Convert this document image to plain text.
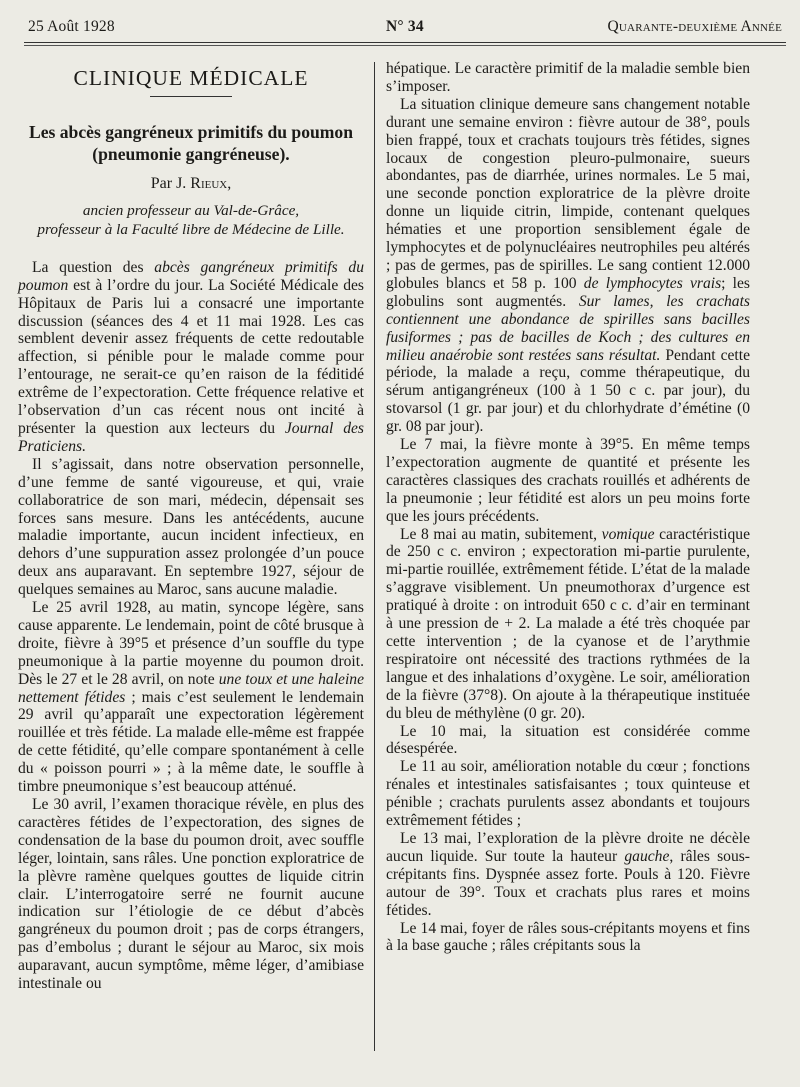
25 Août 1928	N° 34	Quarante-deuxième Année
CLINIQUE MÉDICALE
Les abcès gangréneux primitifs du poumon
(pneumonie gangréneuse).
Par J. Rieux,
ancien professeur au Val-de-Grâce,
professeur à la Faculté libre de Médecine de Lille.

La question des abcès gangréneux primitifs du poumon est à l’ordre du jour. La Société Médicale des Hôpitaux de Paris lui a consacré une importante discussion (séances des 4 et 11 mai 1928. Les cas semblent devenir assez fréquents de cette redoutable affection, si pénible pour le malade comme pour l’entourage, ne serait-ce qu’en raison de la féditidé extrême de l’expectoration. Cette fréquence relative et l’observation d’un cas récent nous ont incité à présenter la question aux lecteurs du Journal des Praticiens.

Il s’agissait, dans notre observation personnelle, d’une femme de santé vigoureuse, et qui, vraie collaboratrice de son mari, médecin, dépensait ses forces sans mesure. Dans les antécédents, aucune maladie importante, aucun incident infectieux, en dehors d’une suppuration assez prolongée d’un pouce deux ans auparavant. En septembre 1927, séjour de quelques semaines au Maroc, sans aucune maladie.

Le 25 avril 1928, au matin, syncope légère, sans cause apparente. Le lendemain, point de côté brusque à droite, fièvre à 39°5 et présence d’un souffle du type pneumonique à la partie moyenne du poumon droit. Dès le 27 et le 28 avril, on note une toux et une haleine nettement fétides ; mais c’est seulement le lendemain 29 avril qu’apparaît une expectoration légèrement rouillée et très fétide. La malade elle-même est frappée de cette fétidité, qu’elle compare spontanément à celle du « poisson pourri » ; à la même date, le souffle à timbre pneumonique s’est beaucoup atténué.

Le 30 avril, l’examen thoracique révèle, en plus des caractères fétides de l’expectoration, des signes de condensation de la base du poumon droit, avec souffle léger, lointain, sans râles. Une ponction exploratrice de la plèvre ramène quelques gouttes de liquide citrin clair. L’interrogatoire serré ne fournit aucune indication sur l’étiologie de ce début d’abcès gangréneux du poumon droit ; pas de corps étrangers, pas d’embolus ; durant le séjour au Maroc, six mois auparavant, aucun symptôme, même léger, d’amibiase intestinale ou

hépatique. Le caractère primitif de la maladie semble bien s’imposer.

La situation clinique demeure sans changement notable durant une semaine environ : fièvre autour de 38°, pouls bien frappé, toux et crachats toujours très fétides, signes locaux de congestion pleuro-pulmonaire, sueurs abondantes, pas de diarrhée, urines normales. Le 5 mai, une seconde ponction exploratrice de la plèvre droite donne un liquide citrin, limpide, contenant quelques hématies et une proportion sensiblement égale de lymphocytes et de polynucléaires neutrophiles peu altérés ; pas de germes, pas de spirilles. Le sang contient 12.000 globules blancs et 58 p. 100 de lymphocytes vrais; les globulins sont augmentés. Sur lames, les crachats contiennent une abondance de spirilles sans bacilles fusiformes ; pas de bacilles de Koch ; des cultures en milieu anaérobie sont restées sans résultat. Pendant cette période, la malade a reçu, comme thérapeutique, du sérum antigangréneux (100 à 1 50 c c. par jour), du stovarsol (1 gr. par jour) et du chlorhydrate d’émétine (0 gr. 08 par jour).

Le 7 mai, la fièvre monte à 39°5. En même temps l’expectoration augmente de quantité et présente les caractères classiques des crachats rouillés et adhérents de la pneumonie ; leur fétidité est alors un peu moins forte que les jours précédents.

Le 8 mai au matin, subitement, vomique caractéristique de 250 c c. environ ; expectoration mi-partie purulente, mi-partie rouillée, extrêmement fétide. L’état de la malade s’aggrave visiblement. Un pneumothorax d’urgence est pratiqué à droite : on introduit 650 c c. d’air en terminant à une pression de + 2. La malade a été très choquée par cette intervention ; de la cyanose et de l’arythmie respiratoire ont nécessité des tractions rythmées de la langue et des inhalations d’oxygène. Le soir, amélioration de la fièvre (37°8). On ajoute à la thérapeutique instituée du bleu de méthylène (0 gr. 20).

Le 10 mai, la situation est considérée comme désespérée.

Le 11 au soir, amélioration notable du cœur ; fonctions rénales et intestinales satisfaisantes ; toux quinteuse et pénible ; crachats purulents assez abondants et toujours extrêmement fétides ;

Le 13 mai, l’exploration de la plèvre droite ne décèle aucun liquide. Sur toute la hauteur gauche, râles sous-crépitants fins. Dyspnée assez forte. Pouls à 120. Fièvre autour de 39°. Toux et crachats plus rares et moins fétides.

Le 14 mai, foyer de râles sous-crépitants moyens et fins à la base gauche ; râles crépitants sous la
